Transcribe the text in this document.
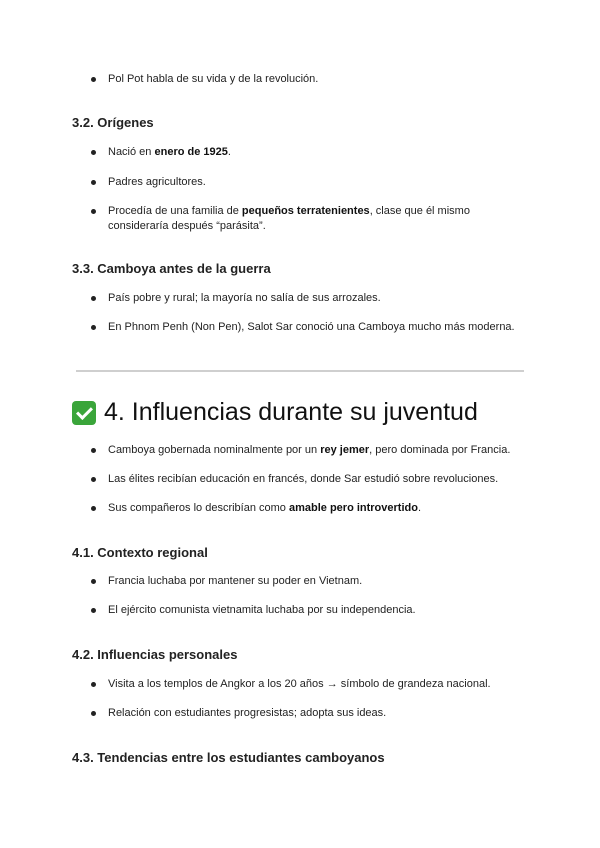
Pol Pot habla de su vida y de la revolución.
3.2. Orígenes
Nació en enero de 1925.
Padres agricultores.
Procedía de una familia de pequeños terratenientes, clase que él mismo consideraría después “parásita”.
3.3. Camboya antes de la guerra
País pobre y rural; la mayoría no salía de sus arrozales.
En Phnom Penh (Non Pen), Salot Sar conoció una Camboya mucho más moderna.
4. Influencias durante su juventud
Camboya gobernada nominalmente por un rey jemer, pero dominada por Francia.
Las élites recibían educación en francés, donde Sar estudió sobre revoluciones.
Sus compañeros lo describían como amable pero introvertido.
4.1. Contexto regional
Francia luchaba por mantener su poder en Vietnam.
El ejército comunista vietnamita luchaba por su independencia.
4.2. Influencias personales
Visita a los templos de Angkor a los 20 años → símbolo de grandeza nacional.
Relación con estudiantes progresistas; adopta sus ideas.
4.3. Tendencias entre los estudiantes camboyanos
